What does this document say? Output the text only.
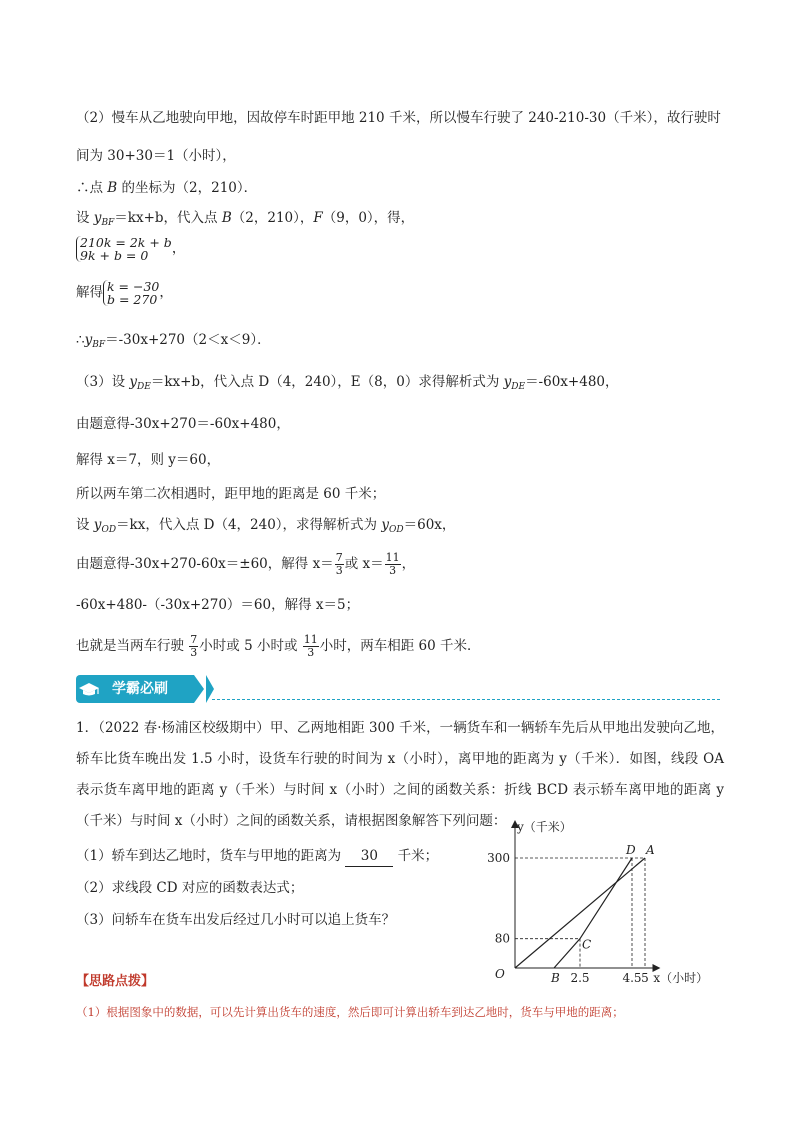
（2）慢车从乙地驶向甲地，因故停车时距甲地 210 千米，所以慢车行驶了 240-210-30（千米），故行驶时
间为 30+30＝1（小时），
∴点 B 的坐标为（2，210）．
设 $y_{BF}=kx+b$，代入点 B（2，210），F（9，0），得，
210k = 2k + b
9k + b = 0	，
解得 k = −30
b = 270 ，
$\therefore y_{BF}=-30x+270(2<x<9)$．
（3）设 $y_{DE}=kx+b$，代入点 D（4，240），E（8，0）求得解析式为 $y_{DE}=-60x+480$，
由题意得-30x+270＝-60x+480，
解得 x＝7，则 y＝60，
所以两车第二次相遇时，距甲地的距离是 60 千米；
设 $y_{OD}=kx$，代入点 D（4，240），求得解析式为 $y_{OD}=60x$，
由题意得-30x+270-60x＝±60，解得 $x= \frac{7}{3}$ 或 $x= \frac{11}{3}$ ，
-60x+480-（-30x+270）＝60，解得 x＝5；
也就是当两车行驶 $\frac{7}{3}$ 小时或 5 小时或 $\frac{11}{3}$ 小时，两车相距 60 千米．
学霸必刷
1．（2022 春·杨浦区校级期中）甲、乙两地相距 300 千米，一辆货车和一辆轿车先后从甲地出发驶向乙地，轿车比货车晚出发 1.5 小时，设货车行驶的时间为 x（小时），离甲地的距离为 y（千米）．如图，线段 OA 表示货车离甲地的距离 y（千米）与时间 x（小时）之间的函数关系：折线 BCD 表示轿车离甲地的距离 y（千米）与时间 x（小时）之间的函数关系，请根据图象解答下列问题：
（1）轿车到达乙地时，货车与甲地的距离为 30 千米；
（2）求线段 CD 对应的函数表达式；
（3）问轿车在货车出发后经过几小时可以追上货车？
O
300
80
2.5	4.5 5 x（小时）
y（千米）
D A
C
B
【思路点拨】
（1）根据图象中的数据，可以先计算出货车的速度，然后即可计算出轿车到达乙地时，货车与甲地的距离；
